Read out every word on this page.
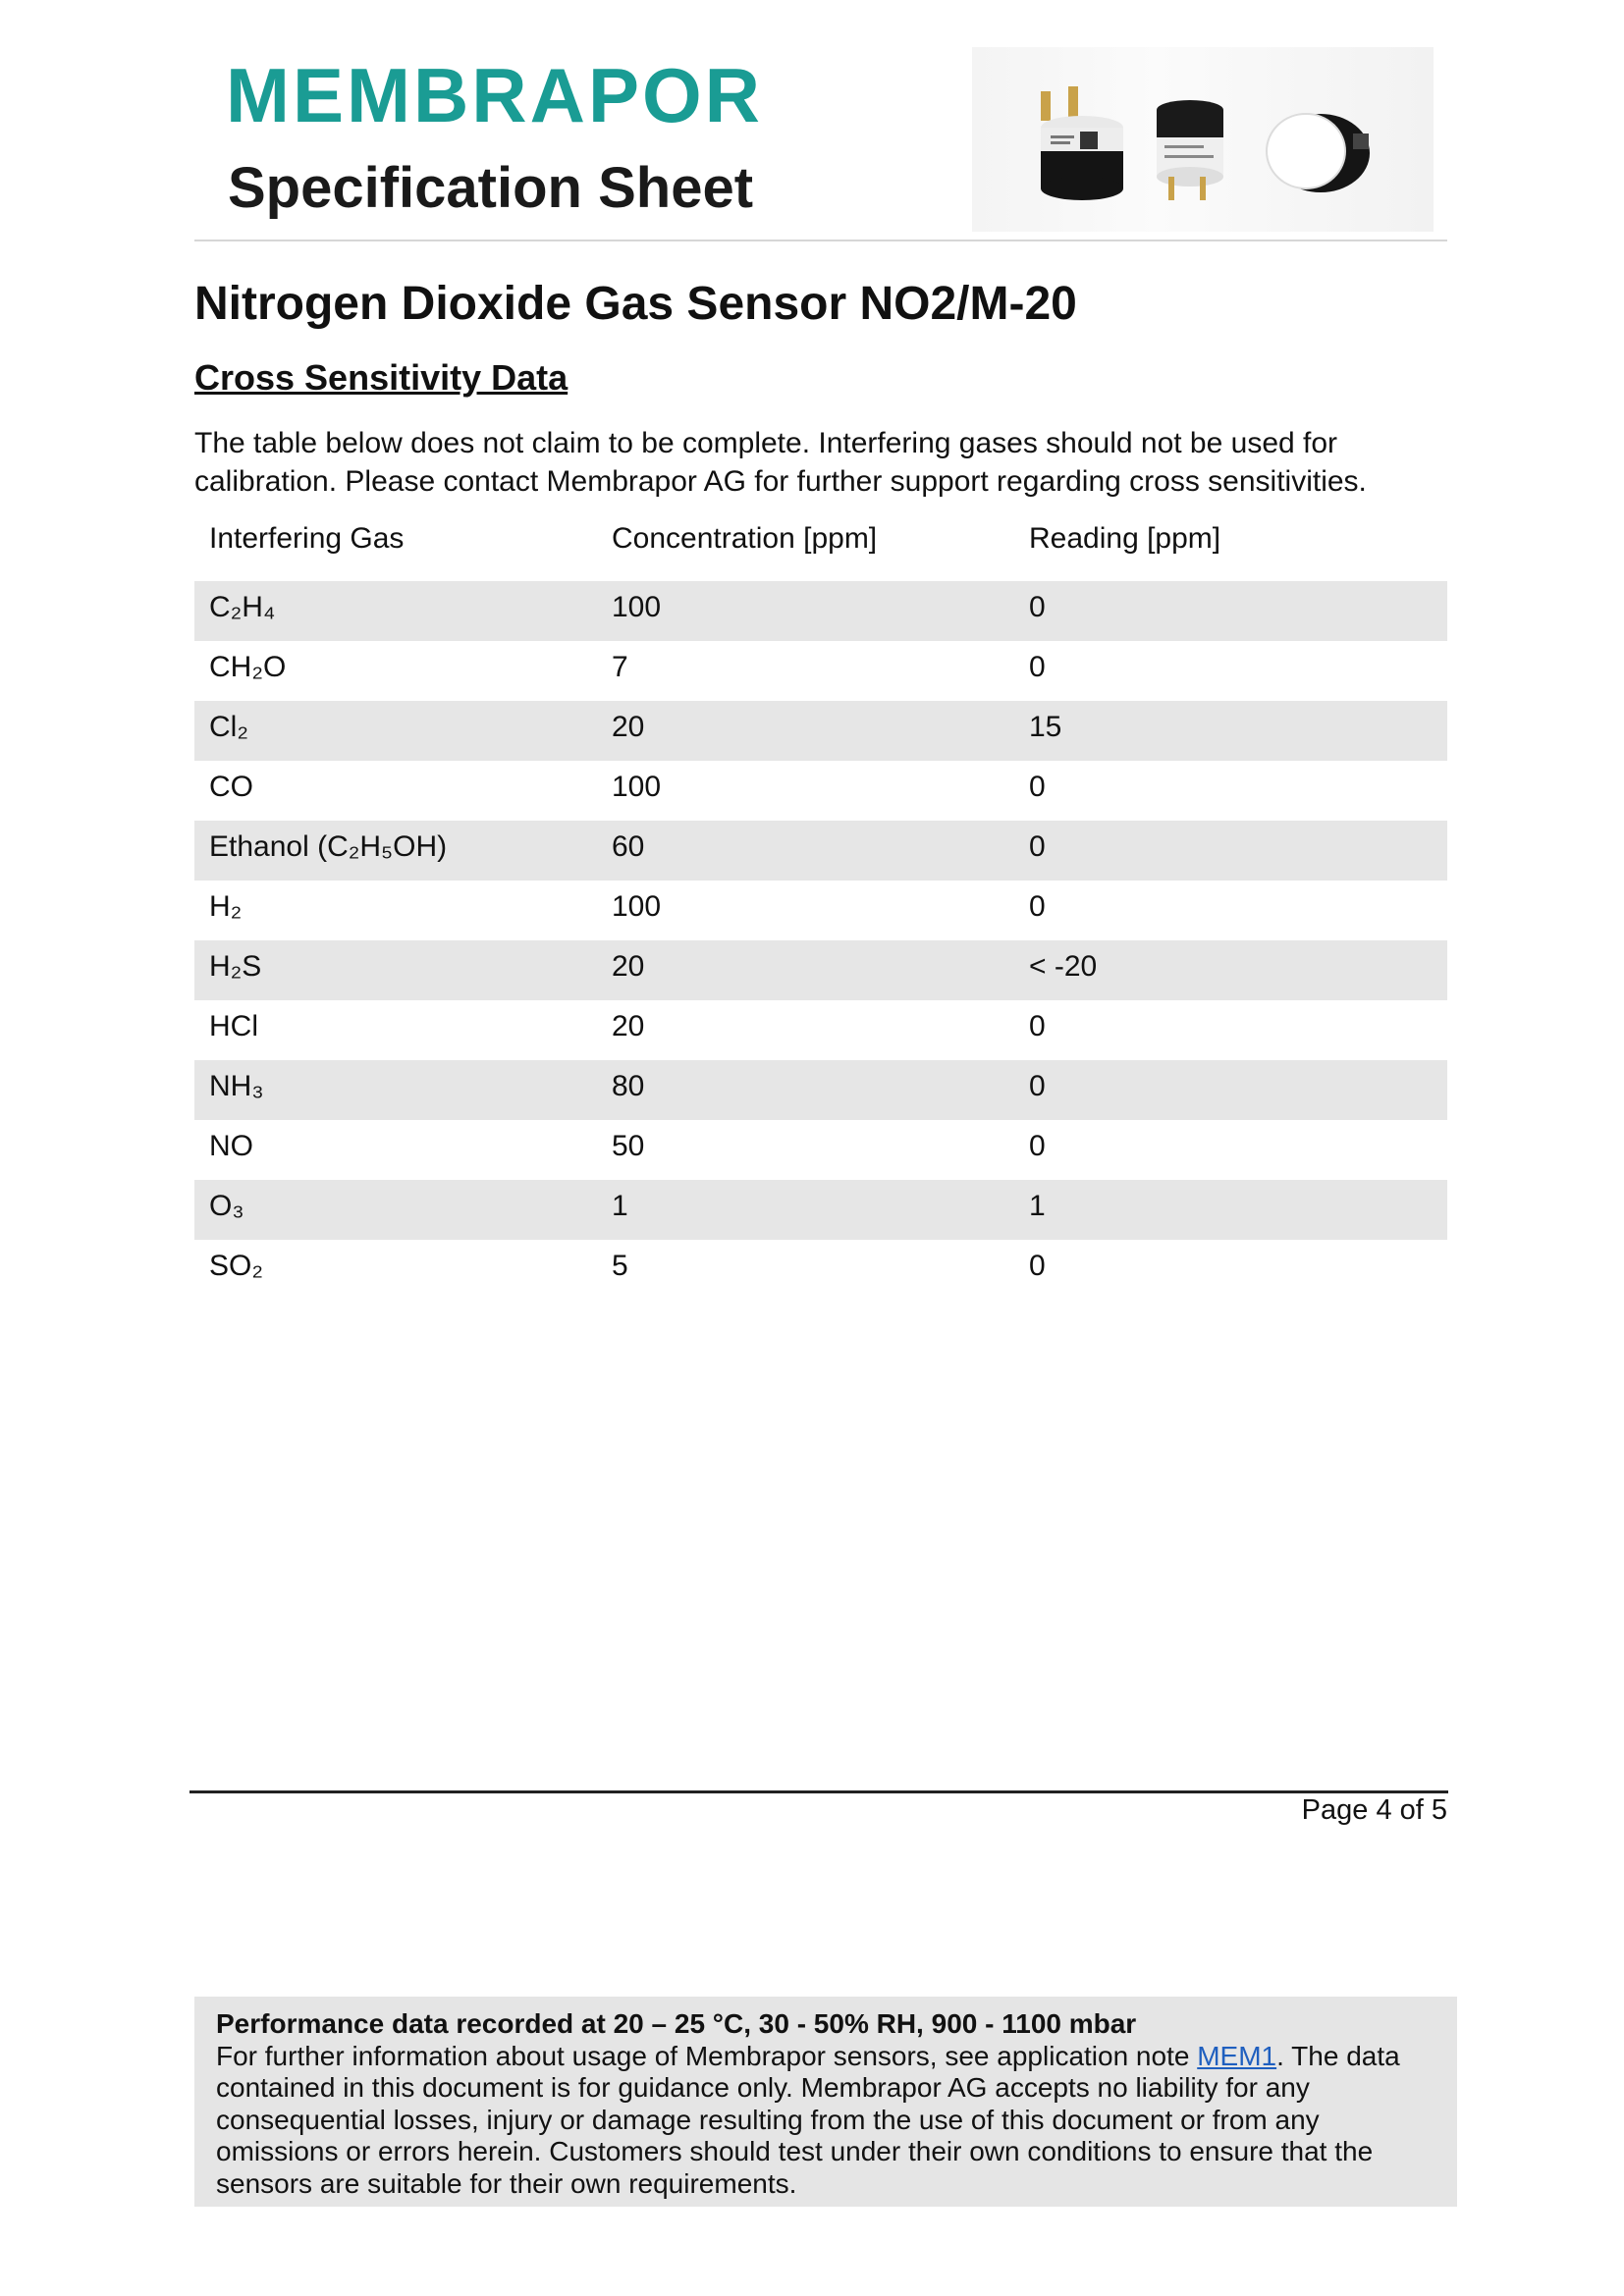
MEMBRAPOR
Specification Sheet
Nitrogen Dioxide Gas Sensor NO2/M-20
Cross Sensitivity Data

The table below does not claim to be complete. Interfering gases should not be used for

calibration. Please contact Membrapor AG for further support regarding cross sensitivities.

Interfering Gas	Concentration [ppm]	Reading [ppm]
C₂H₄	100	0
CH₂O	7	0
Cl₂	20	15
CO	100	0
Ethanol (C₂H₅OH)	60	0
H₂	100	0
H₂S	20	< -20
HCl	20	0
NH₃	80	0
NO	50	0
O₃	1	1
SO₂	5	0
Page 4 of 5
Performance data recorded at 20 – 25 °C, 30 - 50% RH, 900 - 1100 mbar
For further information about usage of Membrapor sensors, see application note MEM1. The data contained in this document is for guidance only. Membrapor AG accepts no liability for any consequential losses, injury or damage resulting from the use of this document or from any omissions or errors herein. Customers should test under their own conditions to ensure that the sensors are suitable for their own requirements.
